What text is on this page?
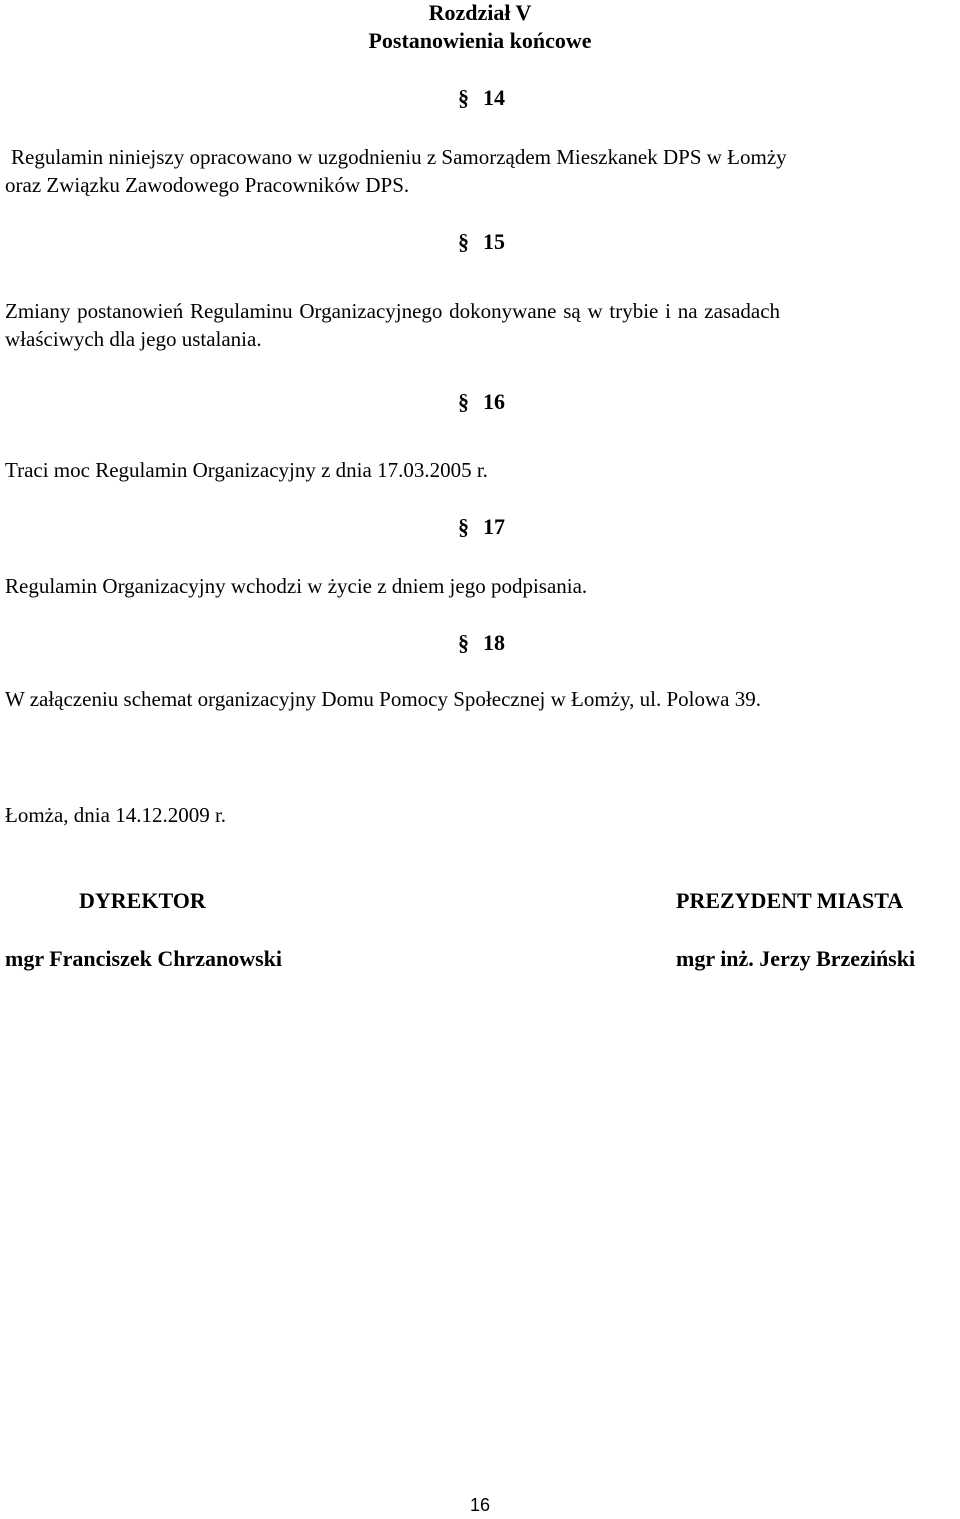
Rozdział V
Postanowienia końcowe
§ 14
Regulamin niniejszy opracowano w uzgodnieniu z Samorządem Mieszkanek DPS w Łomży
oraz Związku Zawodowego Pracowników DPS.
§ 15
Zmiany postanowień Regulaminu Organizacyjnego dokonywane są w trybie i na zasadach
właściwych dla jego ustalania.
§ 16
Traci moc Regulamin Organizacyjny z dnia 17.03.2005 r.
§ 17
Regulamin Organizacyjny wchodzi w życie z dniem jego podpisania.
§ 18
W załączeniu schemat organizacyjny Domu Pomocy Społecznej w Łomży, ul. Polowa 39.
Łomża, dnia 14.12.2009 r.
DYREKTOR
mgr Franciszek Chrzanowski
PREZYDENT MIASTA
mgr inż. Jerzy Brzeziński
16
